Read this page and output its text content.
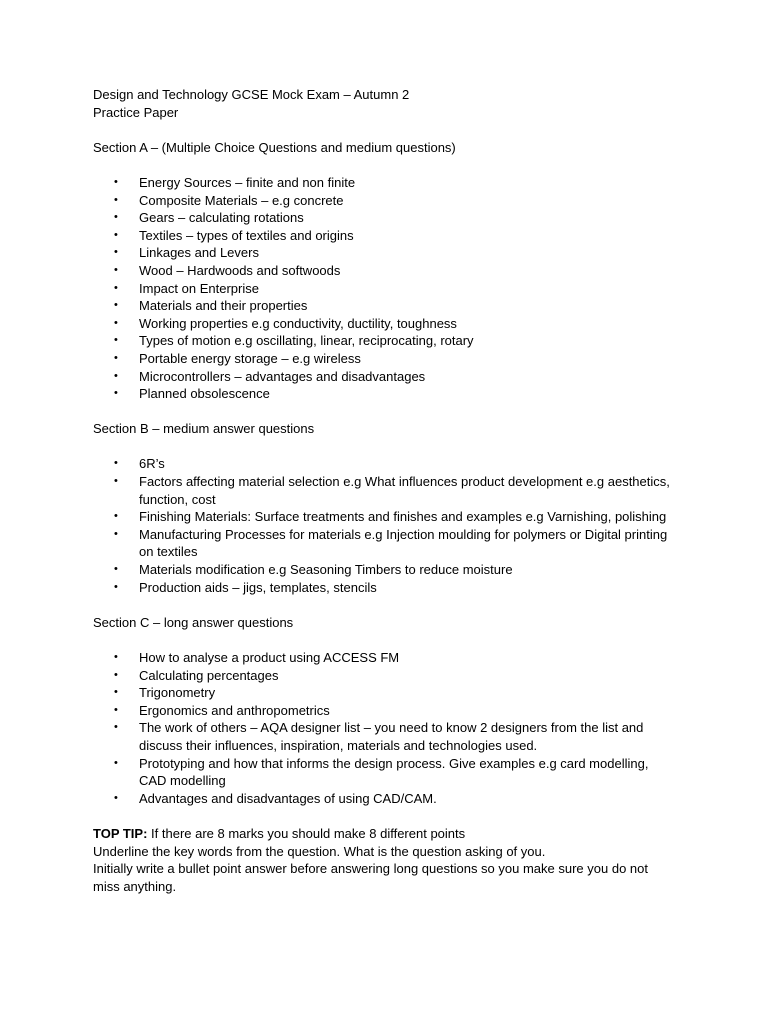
Design and Technology GCSE Mock Exam – Autumn 2

Practice Paper

Section A – (Multiple Choice Questions and medium questions)

• Energy Sources – finite and non finite
• Composite Materials – e.g concrete
• Gears – calculating rotations
• Textiles – types of textiles and origins
• Linkages and Levers
• Wood – Hardwoods and softwoods
• Impact on Enterprise
• Materials and their properties
• Working properties e.g conductivity, ductility, toughness
• Types of motion e.g oscillating, linear, reciprocating, rotary
• Portable energy storage – e.g wireless
• Microcontrollers – advantages and disadvantages
• Planned obsolescence

Section B – medium answer questions

• 6R’s
• Factors affecting material selection e.g What influences product development e.g aesthetics, function, cost
• Finishing Materials: Surface treatments and finishes and examples e.g Varnishing, polishing
• Manufacturing Processes for materials e.g Injection moulding for polymers or Digital printing on textiles
• Materials modification e.g Seasoning Timbers to reduce moisture
• Production aids – jigs, templates, stencils

Section C – long answer questions

• How to analyse a product using ACCESS FM
• Calculating percentages
• Trigonometry
• Ergonomics and anthropometrics
• The work of others – AQA designer list – you need to know 2 designers from the list and discuss their influences, inspiration, materials and technologies used.
• Prototyping and how that informs the design process. Give examples e.g card modelling, CAD modelling
• Advantages and disadvantages of using CAD/CAM.

TOP TIP: If there are 8 marks you should make 8 different points

Underline the key words from the question. What is the question asking of you.

Initially write a bullet point answer before answering long questions so you make sure you do not

miss anything.
